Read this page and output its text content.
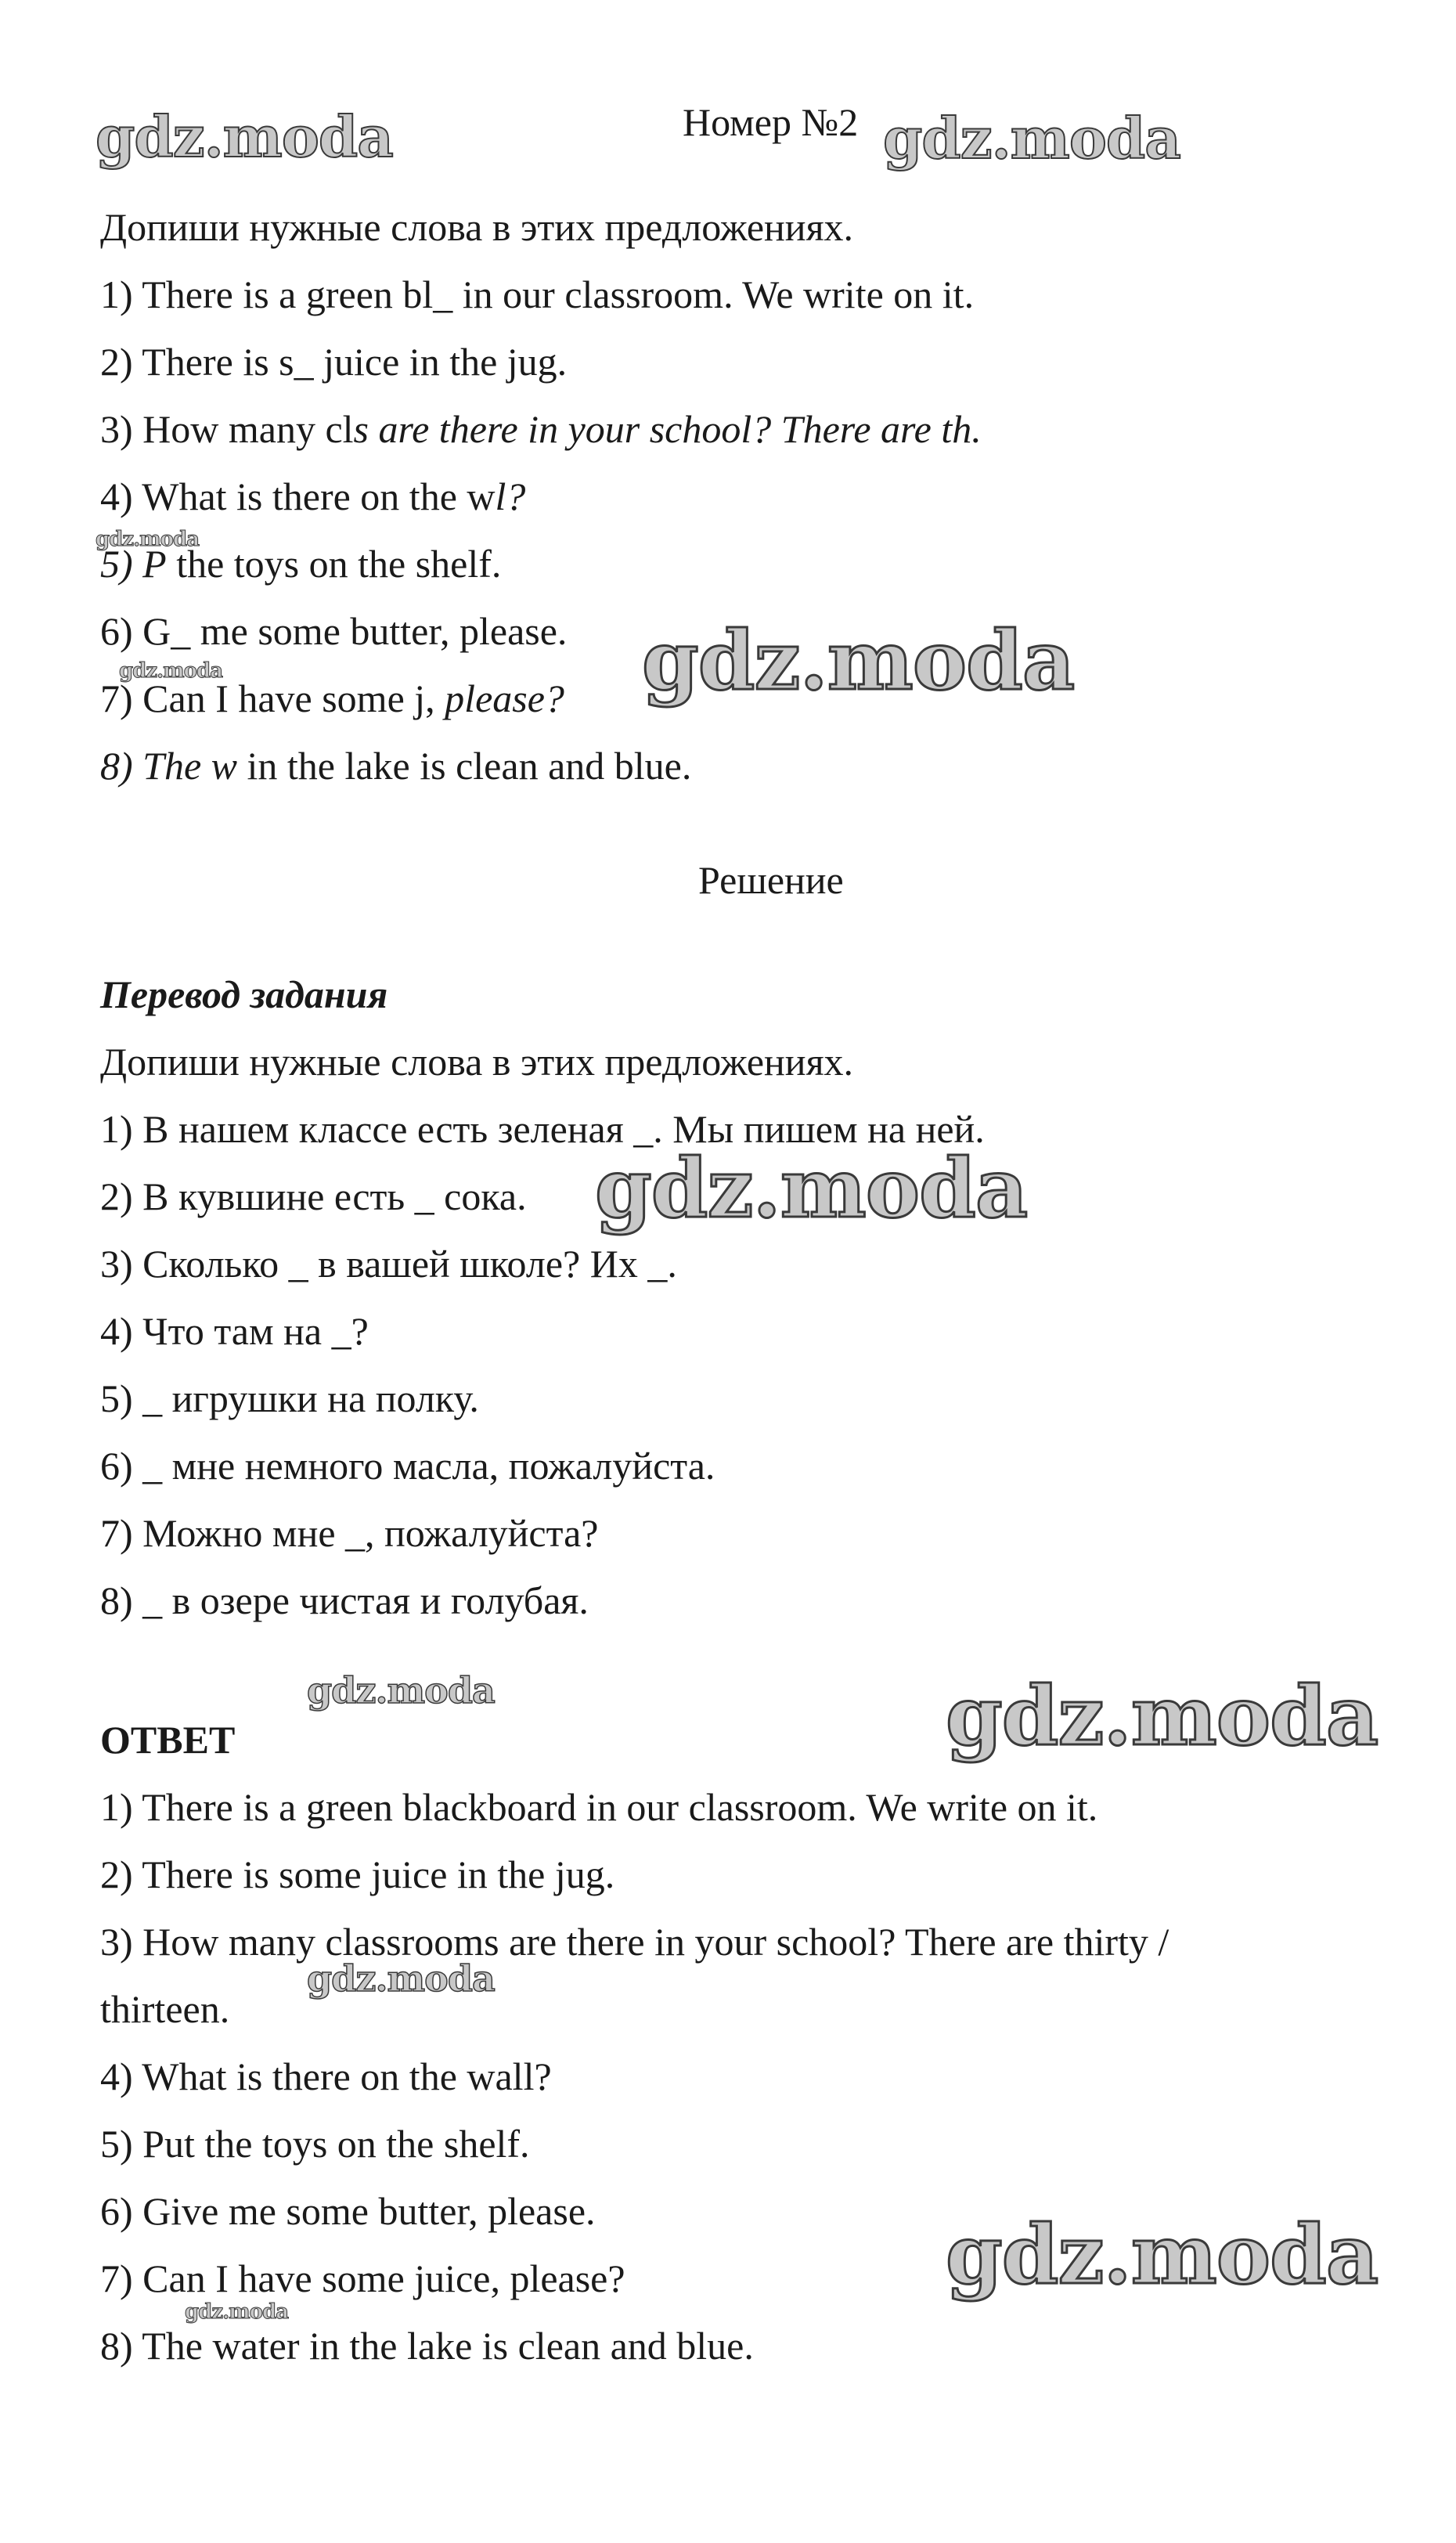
Номер №2

Допиши нужные слова в этих предложениях.

1) There is a green bl_ in our classroom. We write on it.

2) There is s_ juice in the jug.

3) How many cls are there in your school? There are th.

4) What is there on the wl?

5) P the toys on the shelf.

6) G_ me some butter, please.

7) Can I have some j, please?

8) The w in the lake is clean and blue.

Решение

Перевод задания

Допиши нужные слова в этих предложениях.

1) В нашем классе есть зеленая _. Мы пишем на ней.

2) В кувшине есть _ сока.

3) Сколько _ в вашей школе? Их _.

4) Что там на _?

5) _ игрушки на полку.

6) _ мне немного масла, пожалуйста.

7) Можно мне _, пожалуйста?

8) _ в озере чистая и голубая.

ОТВЕТ

1) There is a green blackboard in our classroom. We write on it.

2) There is some juice in the jug.

3) How many classrooms are there in your school? There are thirty /

thirteen.

4) What is there on the wall?

5) Put the toys on the shelf.

6) Give me some butter, please.

7) Can I have some juice, please?

8) The water in the lake is clean and blue.

gdz.moda	gdz.moda
gdz.moda
gdz.moda	gdz.moda
gdz.moda
gdz.moda	gdz.moda
gdz.moda
gdz.moda
gdz.moda
